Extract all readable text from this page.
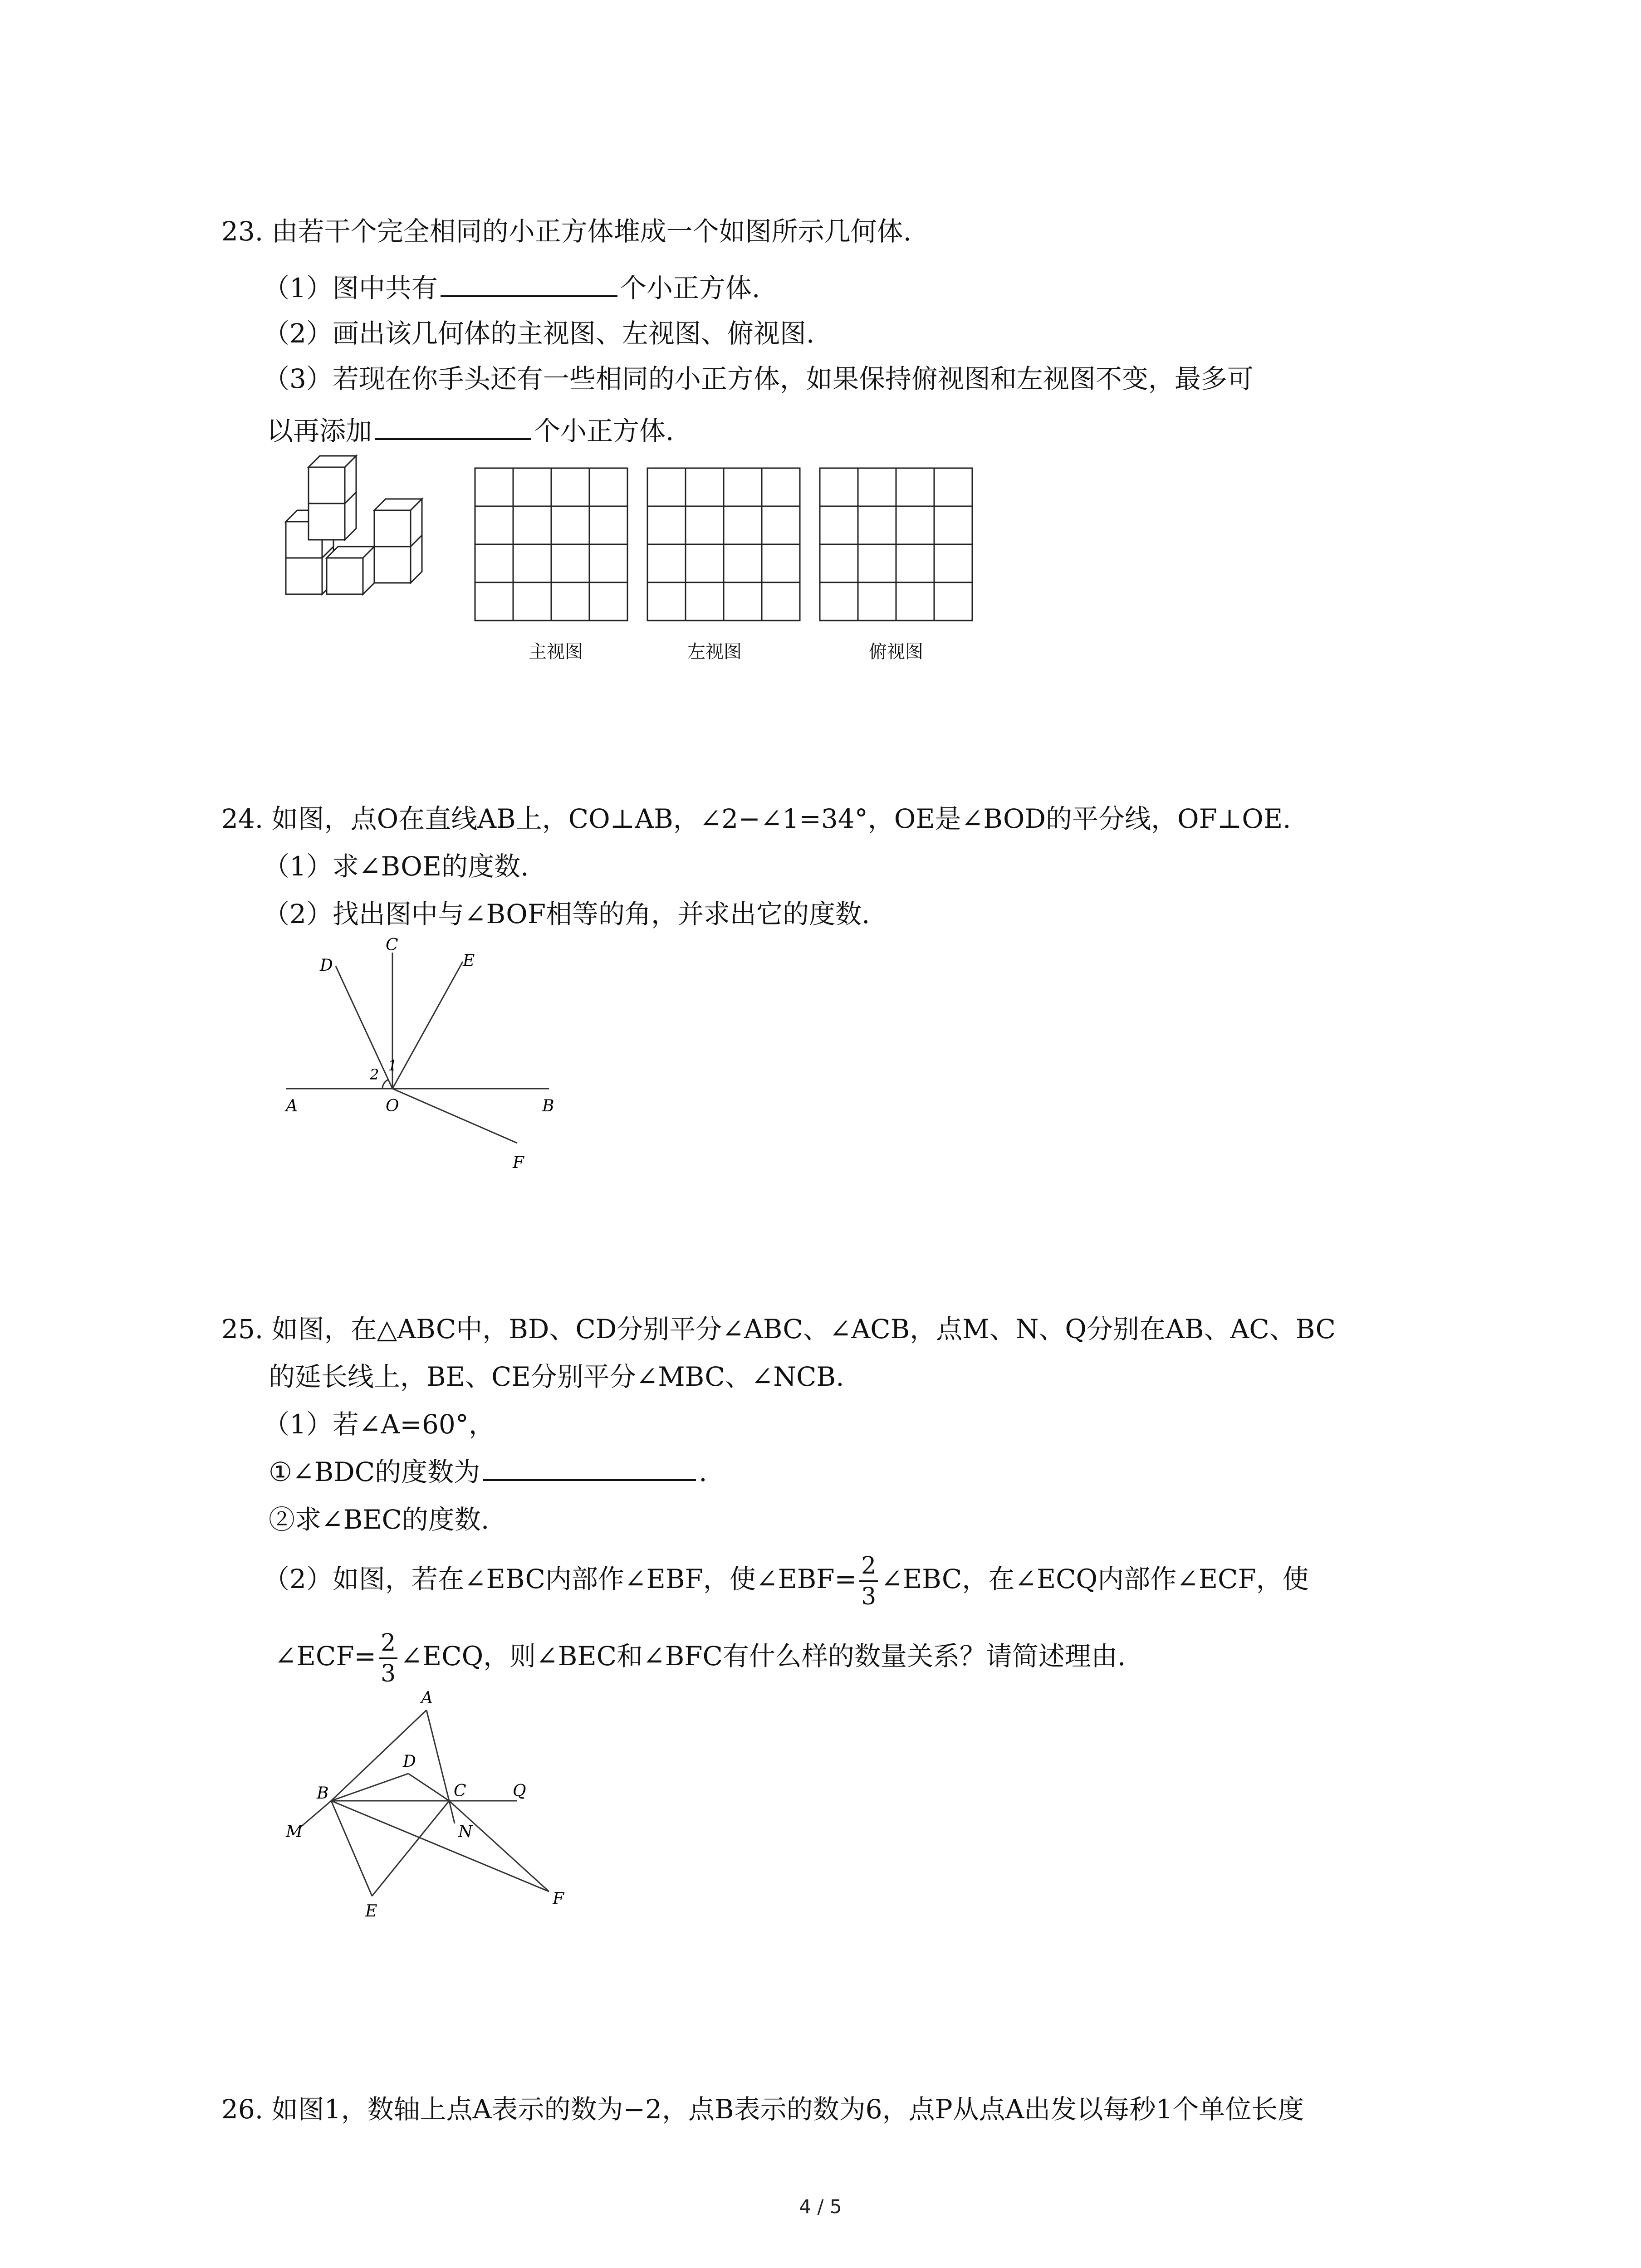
23. 由若干个完全相同的小正方体堆成一个如图所示几何体.
（1）图中共有	个小正方体.
（2）画出该几何体的主视图、左视图、俯视图.
（3）若现在你手头还有一些相同的小正方体，如果保持俯视图和左视图不变，最多可
以再添加	个小正方体.
主视图	左视图	俯视图
24. 如图，点O在直线AB上，CO⊥AB，∠2−∠1=34°，OE是∠BOD的平分线，OF⊥OE.
（1）求∠BOE的度数.
（2）找出图中与∠BOF相等的角，并求出它的度数.
A	B
C
D	E
F
O
1
2
25. 如图，在△ABC中，BD、CD分别平分∠ABC、∠ACB，点M、N、Q分别在AB、AC、BC
的延长线上，BE、CE分别平分∠MBC、∠NCB.
（1）若∠A=60°，
①∠BDC的度数为	.
②求∠BEC的度数.
（2）如图，若在∠EBC内部作∠EBF，使∠EBF= $\frac{2}{3}$ ∠EBC，在∠ECQ内部作∠ECF，使
∠ECF= $\frac{2}{3}$ ∠ECQ，则∠BEC和∠BFC有什么样的数量关系？请简述理由.
A
B	C
D
E
F
M	N
Q
26. 如图1，数轴上点A表示的数为−2，点B表示的数为6，点P从点A出发以每秒1个单位长度
4 / 5
